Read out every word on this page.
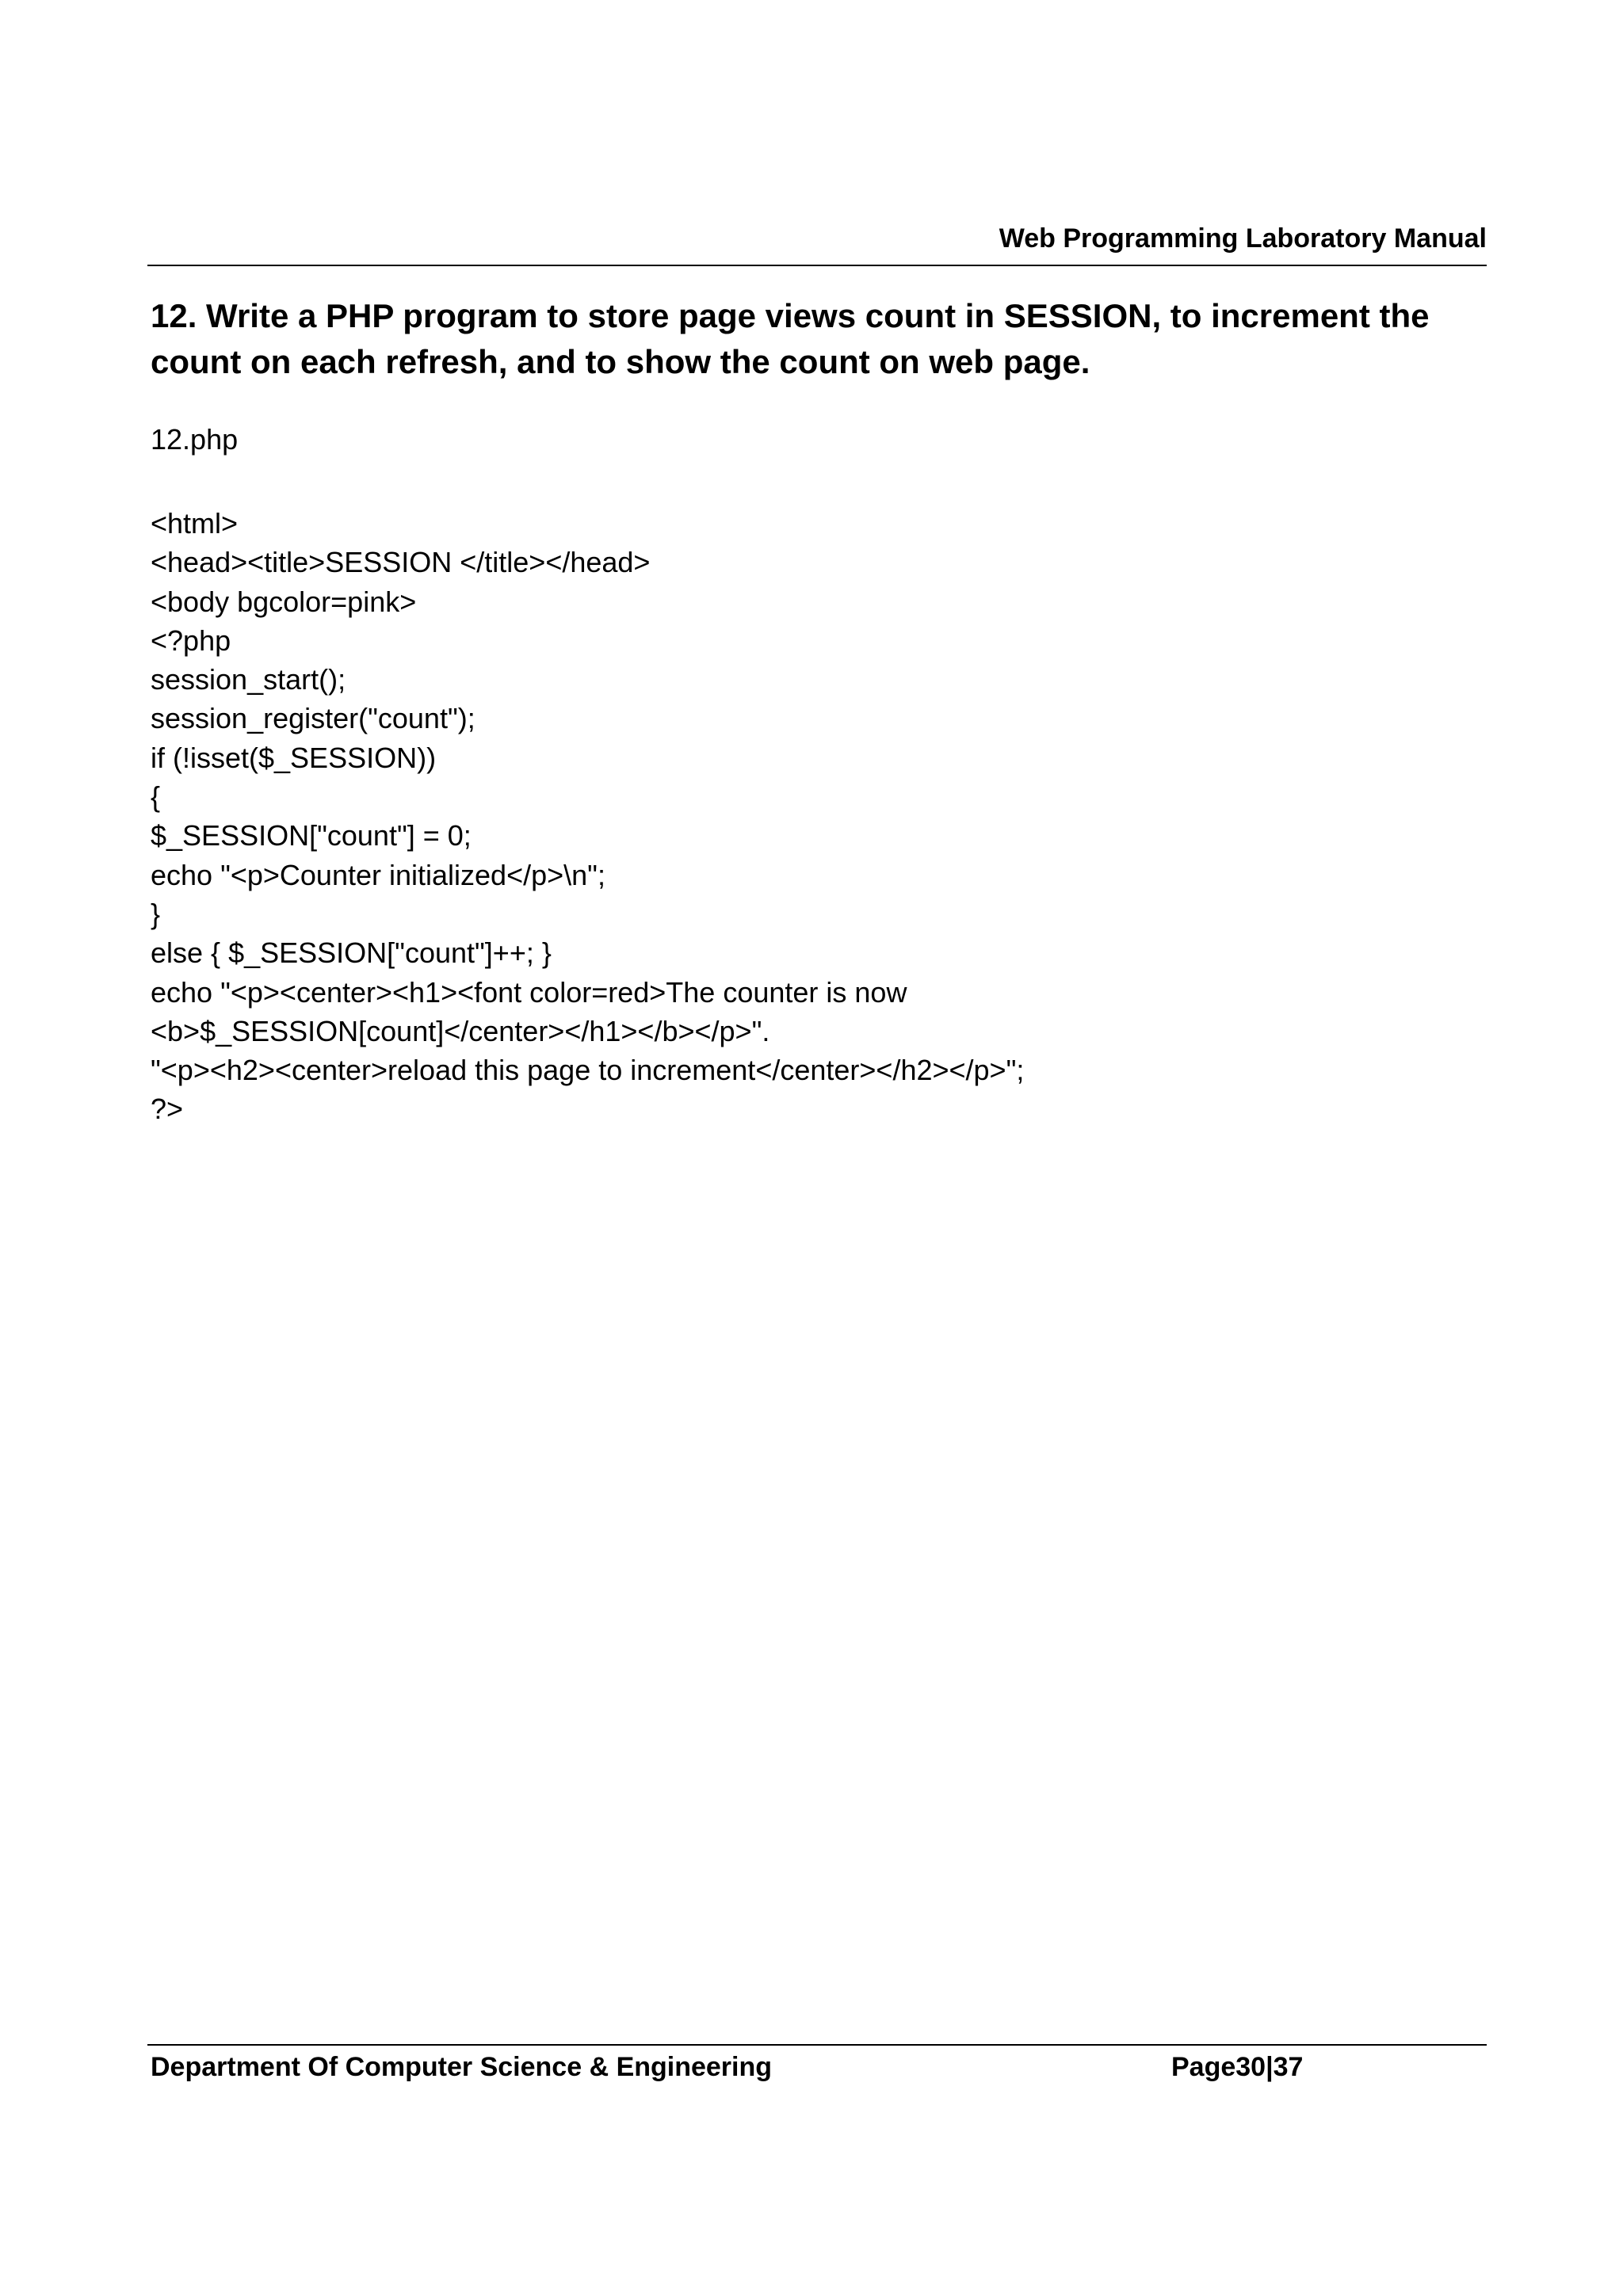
Web Programming Laboratory Manual
12. Write a PHP program to store page views count in SESSION, to increment the count on each refresh, and to show the count on web page.
12.php
<html>
<head><title>SESSION </title></head>
<body bgcolor=pink>
<?php
session_start();
session_register("count");
if (!isset($_SESSION))
{
$_SESSION["count"] = 0;
echo "<p>Counter initialized</p>\n";
}
else { $_SESSION["count"]++; }
echo "<p><center><h1><font color=red>The counter is now
<b>$_SESSION[count]</center></h1></b></p>".
"<p><h2><center>reload this page to increment</center></h2></p>";
?>
Department Of Computer Science & Engineering	Page30|37
